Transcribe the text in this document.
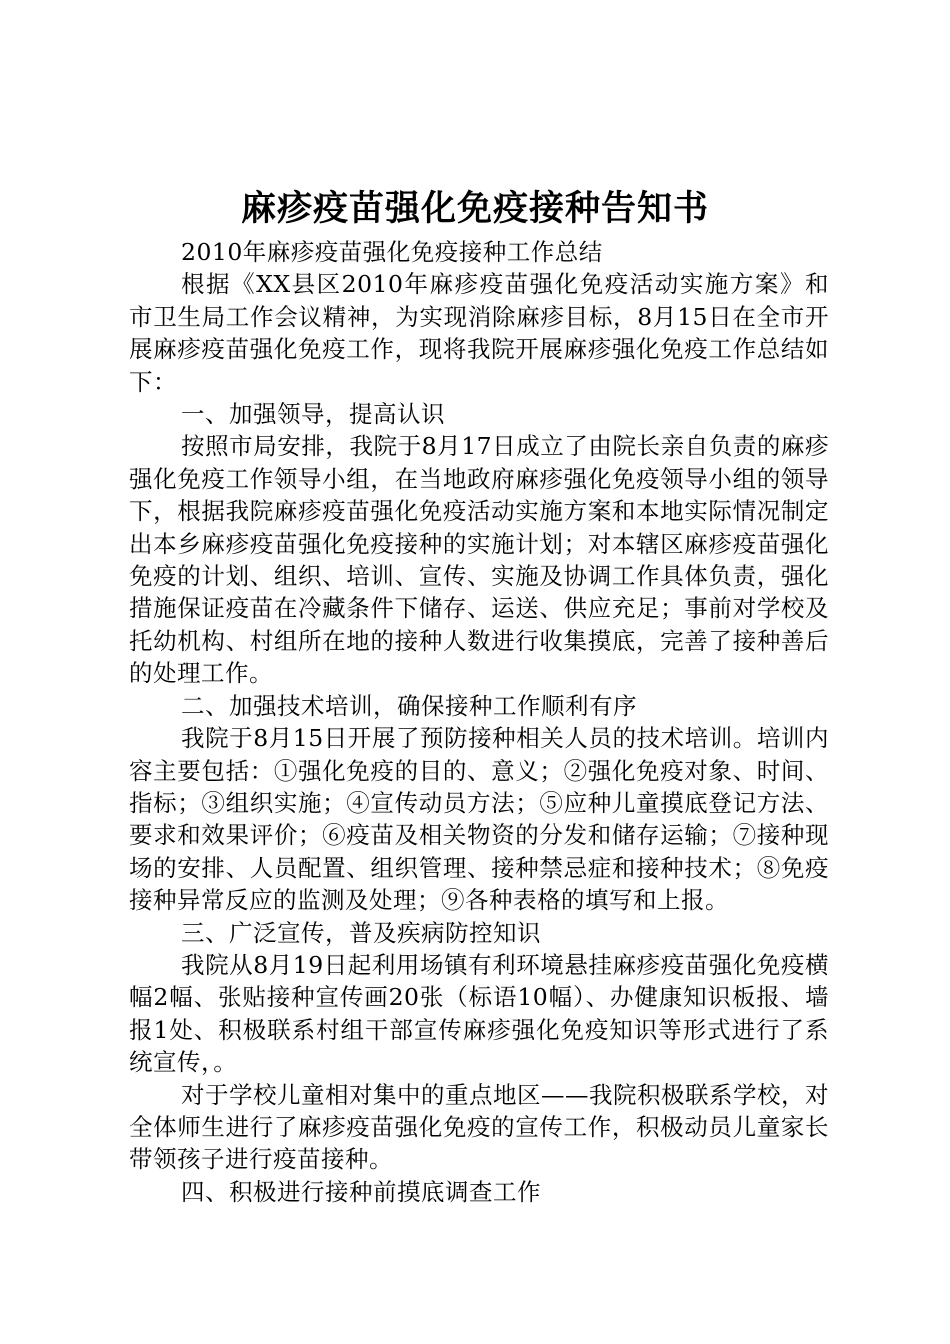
麻疹疫苗强化免疫接种告知书

2010年麻疹疫苗强化免疫接种工作总结

根据《XX县区2010年麻疹疫苗强化免疫活动实施方案》和市卫生局工作会议精神，为实现消除麻疹目标，8月15日在全市开展麻疹疫苗强化免疫工作，现将我院开展麻疹强化免疫工作总结如下：

一、加强领导，提高认识

按照市局安排，我院于8月17日成立了由院长亲自负责的麻疹强化免疫工作领导小组，在当地政府麻疹强化免疫领导小组的领导下，根据我院麻疹疫苗强化免疫活动实施方案和本地实际情况制定出本乡麻疹疫苗强化免疫接种的实施计划；对本辖区麻疹疫苗强化免疫的计划、组织、培训、宣传、实施及协调工作具体负责，强化措施保证疫苗在冷藏条件下储存、运送、供应充足；事前对学校及托幼机构、村组所在地的接种人数进行收集摸底，完善了接种善后的处理工作。

二、加强技术培训，确保接种工作顺利有序

我院于8月15日开展了预防接种相关人员的技术培训。培训内容主要包括：①强化免疫的目的、意义；②强化免疫对象、时间、指标；③组织实施；④宣传动员方法；⑤应种儿童摸底登记方法、要求和效果评价；⑥疫苗及相关物资的分发和储存运输；⑦接种现场的安排、人员配置、组织管理、接种禁忌症和接种技术；⑧免疫接种异常反应的监测及处理；⑨各种表格的填写和上报。

三、广泛宣传，普及疾病防控知识

我院从8月19日起利用场镇有利环境悬挂麻疹疫苗强化免疫横幅2幅、张贴接种宣传画20张（标语10幅）、办健康知识板报、墙报1处、积极联系村组干部宣传麻疹强化免疫知识等形式进行了系统宣传，。

对于学校儿童相对集中的重点地区——我院积极联系学校，对全体师生进行了麻疹疫苗强化免疫的宣传工作，积极动员儿童家长带领孩子进行疫苗接种。

四、积极进行接种前摸底调查工作
